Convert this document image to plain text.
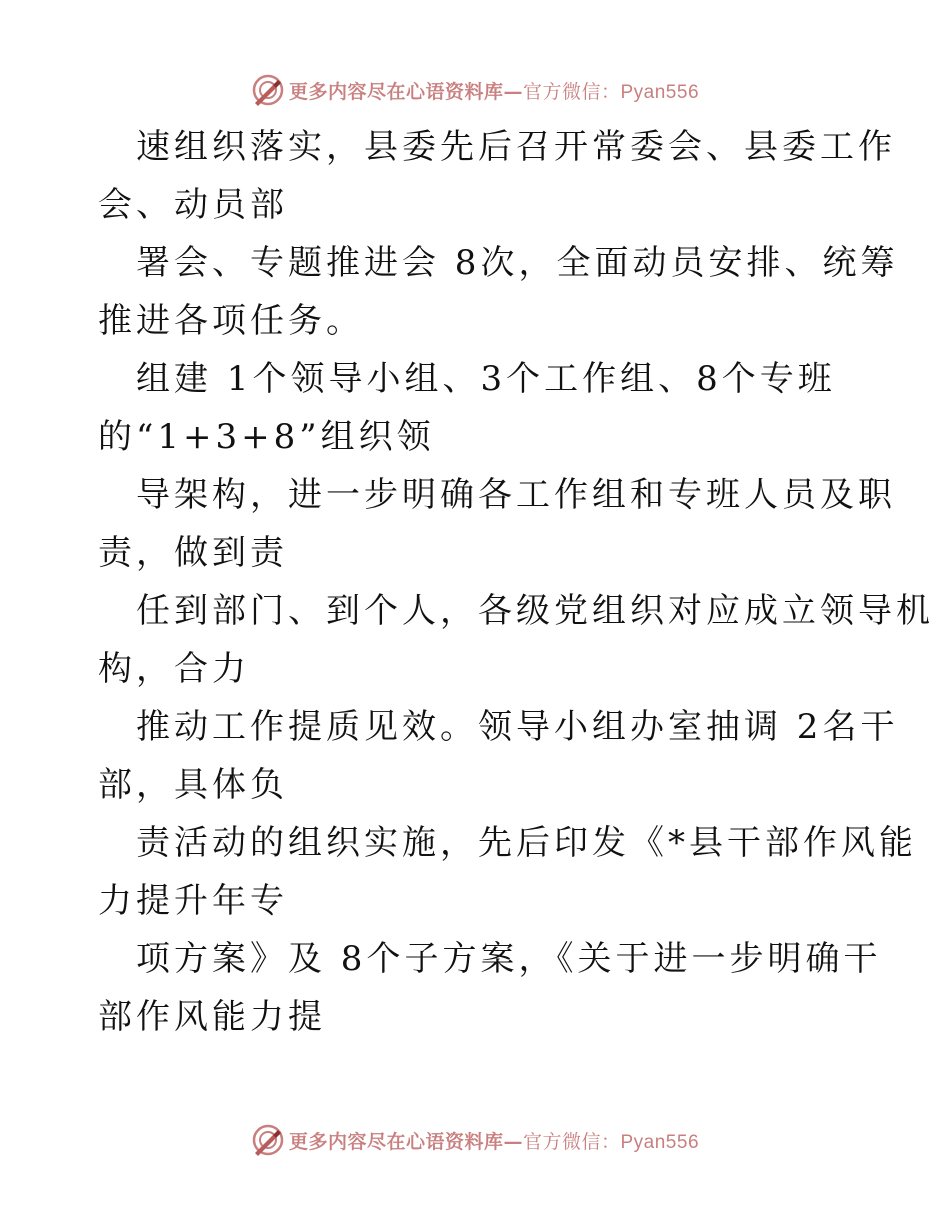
更多内容尽在心语资料库—官方微信：Pyan556
速组织落实，县委先后召开常委会、县委工作
会、动员部
署会、专题推进会 8次，全面动员安排、统筹
推进各项任务。
组建 1个领导小组、3个工作组、8个专班
的“1+3+8”组织领
导架构，进一步明确各工作组和专班人员及职
责，做到责
任到部门、到个人，各级党组织对应成立领导机
构，合力
推动工作提质见效。领导小组办室抽调 2名干
部，具体负
责活动的组织实施，先后印发《*县干部作风能
力提升年专
项方案》及 8个子方案，《关于进一步明确干
部作风能力提
更多内容尽在心语资料库—官方微信：Pyan556
